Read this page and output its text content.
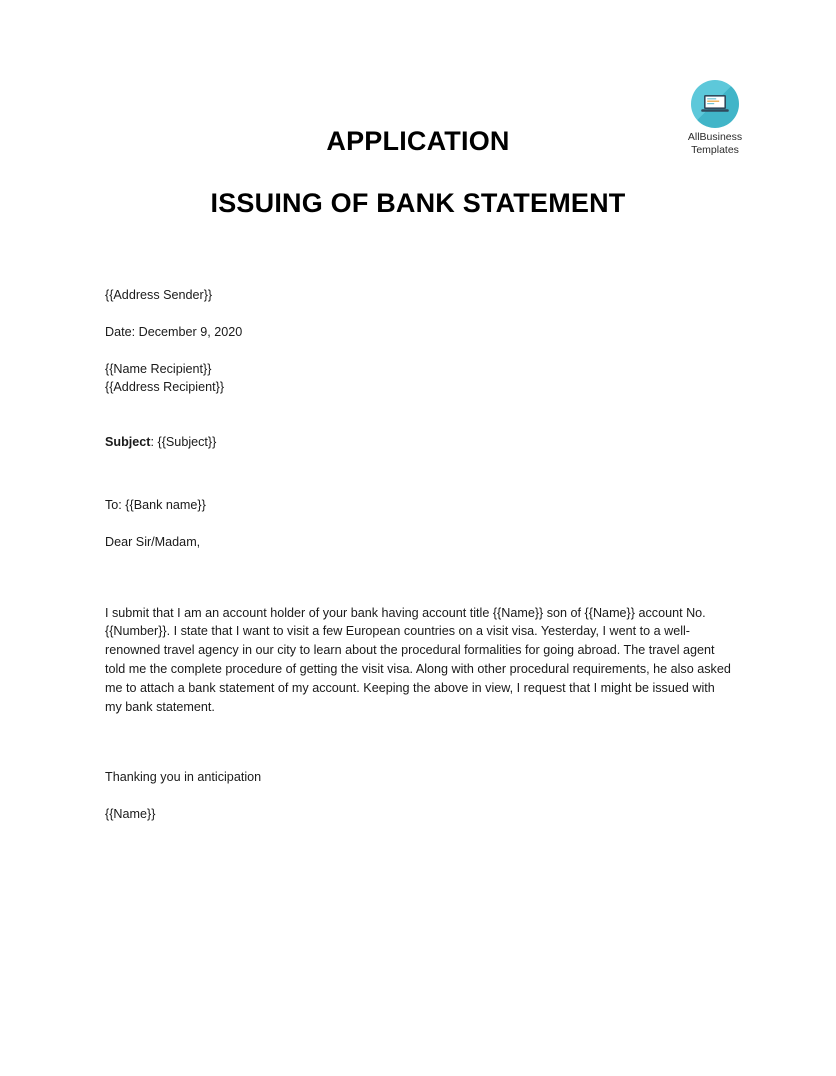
AllBusiness
Templates
APPLICATION
ISSUING OF BANK STATEMENT

{{Address Sender}}

Date: December 9, 2020

{{Name Recipient}}

{{Address Recipient}}

Subject: {{Subject}}

To: {{Bank name}}

Dear Sir/Madam,

I submit that I am an account holder of your bank having account title {{Name}} son of {{Name}} account No. {{Number}}. I state that I want to visit a few European countries on a visit visa. Yesterday, I went to a well-renowned travel agency in our city to learn about the procedural formalities for going abroad. The travel agent told me the complete procedure of getting the visit visa. Along with other procedural requirements, he also asked me to attach a bank statement of my account. Keeping the above in view, I request that I might be issued with my bank statement.

Thanking you in anticipation

{{Name}}
